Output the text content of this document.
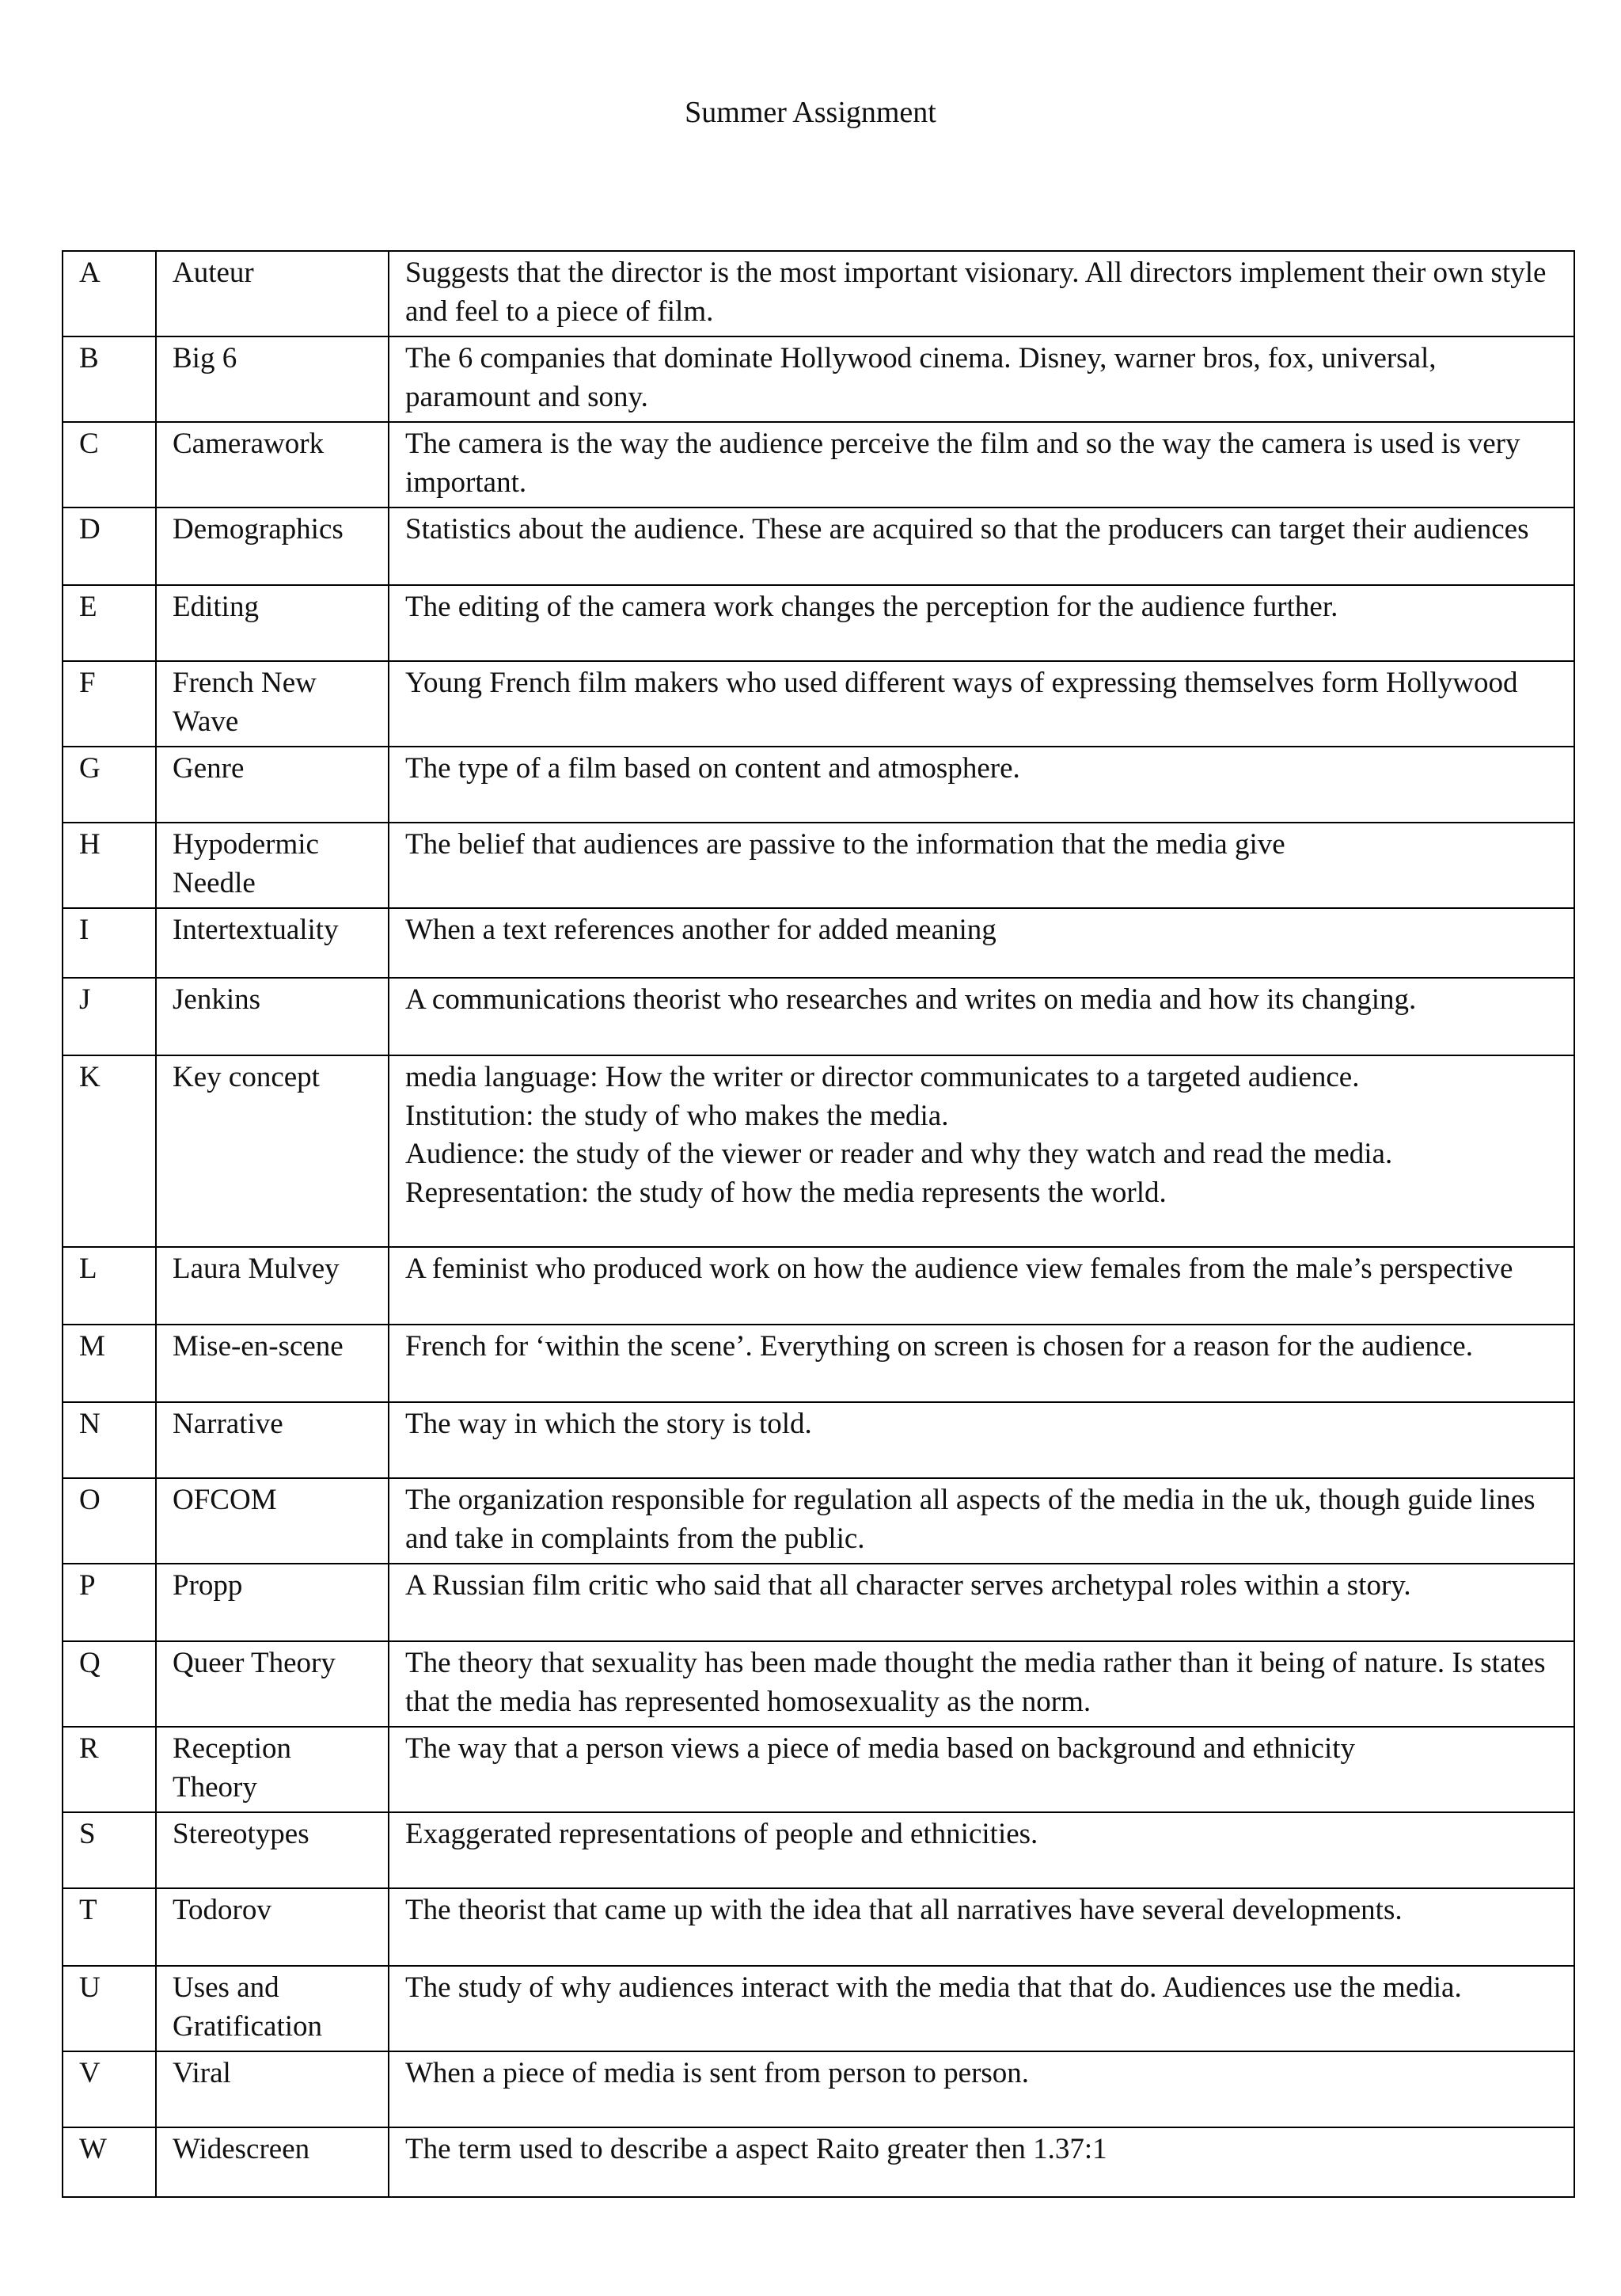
Summer Assignment
A	Auteur	Suggests that the director is the most important visionary. All directors implement their own style and feel to a piece of film.
B	Big 6	The 6 companies that dominate Hollywood cinema. Disney, warner bros, fox, universal, paramount and sony.
C	Camerawork	The camera is the way the audience perceive the film and so the way the camera is used is very important.
D	Demographics	Statistics about the audience. These are acquired so that the producers can target their audiences
E	Editing	The editing of the camera work changes the perception for the audience further.
F	French New Wave	Young French film makers who used different ways of expressing themselves form Hollywood
G	Genre	The type of a film based on content and atmosphere.
H	Hypodermic Needle	The belief that audiences are passive to the information that the media give
I	Intertextuality	When a text references another for added meaning
J	Jenkins	A communications theorist who researches and writes on media and how its changing.
K	Key concept	media language: How the writer or director communicates to a targeted audience.
Institution: the study of who makes the media.
Audience: the study of the viewer or reader and why they watch and read the media.
Representation: the study of how the media represents the world.
L	Laura Mulvey	A feminist who produced work on how the audience view females from the male’s perspective
M	Mise-en-scene	French for ‘within the scene’. Everything on screen is chosen for a reason for the audience.
N	Narrative	The way in which the story is told.
O	OFCOM	The organization responsible for regulation all aspects of the media in the uk, though guide lines and take in complaints from the public.
P	Propp	A Russian film critic who said that all character serves archetypal roles within a story.
Q	Queer Theory	The theory that sexuality has been made thought the media rather than it being of nature. Is states that the media has represented homosexuality as the norm.
R	Reception Theory	The way that a person views a piece of media based on background and ethnicity
S	Stereotypes	Exaggerated representations of people and ethnicities.
T	Todorov	The theorist that came up with the idea that all narratives have several developments.
U	Uses and Gratification	The study of why audiences interact with the media that that do. Audiences use the media.
V	Viral	When a piece of media is sent from person to person.
W	Widescreen	The term used to describe a aspect Raito greater then 1.37:1
